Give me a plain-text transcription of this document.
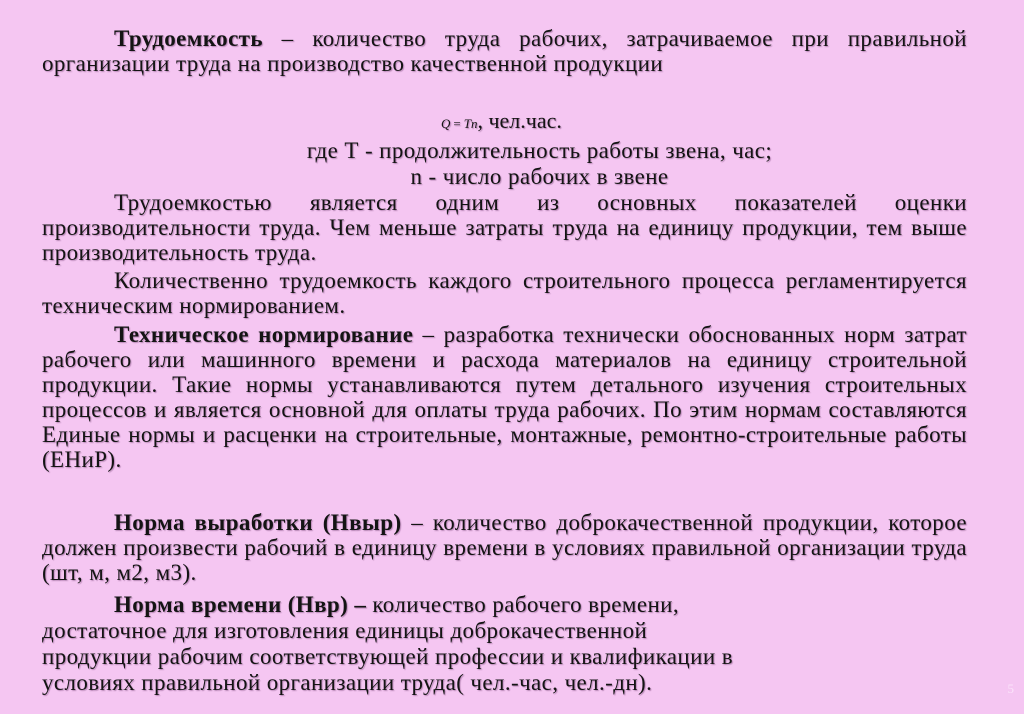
Трудоемкость – количество труда рабочих, затрачиваемое при правильной организации труда на производство качественной продукции
Q = Tn, чел.час.
где Т - продолжительность работы звена, час;
n - число рабочих в звене
Трудоемкостью является одним из основных показателей оценки производительности труда. Чем меньше затраты труда на единицу продукции, тем выше производительность труда.
Количественно трудоемкость каждого строительного процесса регламентируется техническим нормированием.
Техническое нормирование – разработка технически обоснованных норм затрат рабочего или машинного времени и расхода материалов на единицу строительной продукции. Такие нормы устанавливаются путем детального изучения строительных процессов и является основной для оплаты труда рабочих. По этим нормам составляются Единые нормы и расценки на строительные, монтажные, ремонтно-строительные работы (ЕНиР).
Норма выработки (Нвыр) – количество доброкачественной продукции, которое должен произвести рабочий в единицу времени в условиях правильной организации труда (шт, м, м2, м3).
Норма времени (Нвр) – количество рабочего времени,
достаточное для изготовления единицы доброкачественной
продукции рабочим соответствующей профессии и квалификации в
условиях правильной организации труда( чел.-час, чел.-дн).	5
